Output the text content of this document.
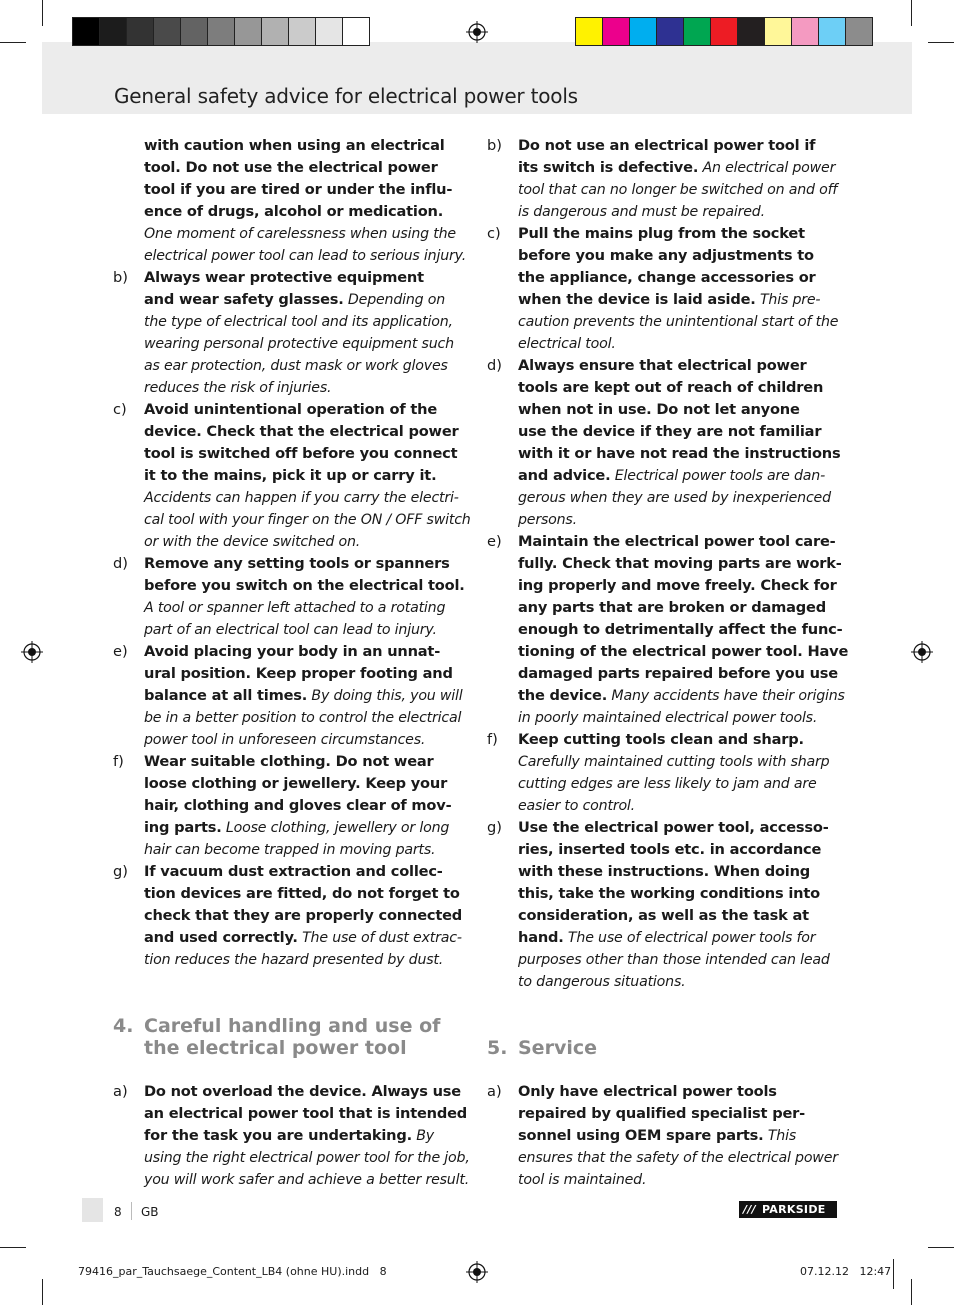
General safety advice for electrical power tools
with caution when using an electrical
tool. Do not use the electrical power
tool if you are tired or under the influ-
ence of drugs, alcohol or medication.
One moment of carelessness when using the
electrical power tool can lead to serious injury.
b)	Always wear protective equipment
and wear safety glasses. Depending on
the type of electrical tool and its application,
wearing personal protective equipment such
as ear protection, dust mask or work gloves
reduces the risk of injuries.
c)	Avoid unintentional operation of the
device. Check that the electrical power
tool is switched off before you connect
it to the mains, pick it up or carry it.
Accidents can happen if you carry the electri-
cal tool with your finger on the ON / OFF switch
or with the device switched on.
d)	Remove any setting tools or spanners
before you switch on the electrical tool.
A tool or spanner left attached to a rotating
part of an electrical tool can lead to injury.
e)	Avoid placing your body in an unnat-
ural position. Keep proper footing and
balance at all times. By doing this, you will
be in a better position to control the electrical
power tool in unforeseen circumstances.
f)	Wear suitable clothing. Do not wear
loose clothing or jewellery. Keep your
hair, clothing and gloves clear of mov-
ing parts. Loose clothing, jewellery or long
hair can become trapped in moving parts.
g)	If vacuum dust extraction and collec-
tion devices are fitted, do not forget to
check that they are properly connected
and used correctly. The use of dust extrac-
tion reduces the hazard presented by dust.
4. Careful handling and use of
the electrical power tool
a)	Do not overload the device. Always use
an electrical power tool that is intended
for the task you are undertaking. By
using the right electrical power tool for the job,
you will work safer and achieve a better result.
b)	Do not use an electrical power tool if
its switch is defective. An electrical power
tool that can no longer be switched on and off
is dangerous and must be repaired.
c)	Pull the mains plug from the socket
before you make any adjustments to
the appliance, change accessories or
when the device is laid aside. This pre-
caution prevents the unintentional start of the
electrical tool.
d)	Always ensure that electrical power
tools are kept out of reach of children
when not in use. Do not let anyone
use the device if they are not familiar
with it or have not read the instructions
and advice. Electrical power tools are dan-
gerous when they are used by inexperienced
persons.
e)	Maintain the electrical power tool care-
fully. Check that moving parts are work-
ing properly and move freely. Check for
any parts that are broken or damaged
enough to detrimentally affect the func-
tioning of the electrical power tool. Have
damaged parts repaired before you use
the device. Many accidents have their origins
in poorly maintained electrical power tools.
f)	Keep cutting tools clean and sharp.
Carefully maintained cutting tools with sharp
cutting edges are less likely to jam and are
easier to control.
g)	Use the electrical power tool, accesso-
ries, inserted tools etc. in accordance
with these instructions. When doing
this, take the working conditions into
consideration, as well as the task at
hand. The use of electrical power tools for
purposes other than those intended can lead
to dangerous situations.
5. Service
a)	Only have electrical power tools
repaired by qualified specialist per-
sonnel using OEM spare parts. This
ensures that the safety of the electrical power
tool is maintained.
8 GB	/// PARKSIDE
79416_par_Tauchsaege_Content_LB4 (ohne HU).indd   8	07.12.12   12:47
